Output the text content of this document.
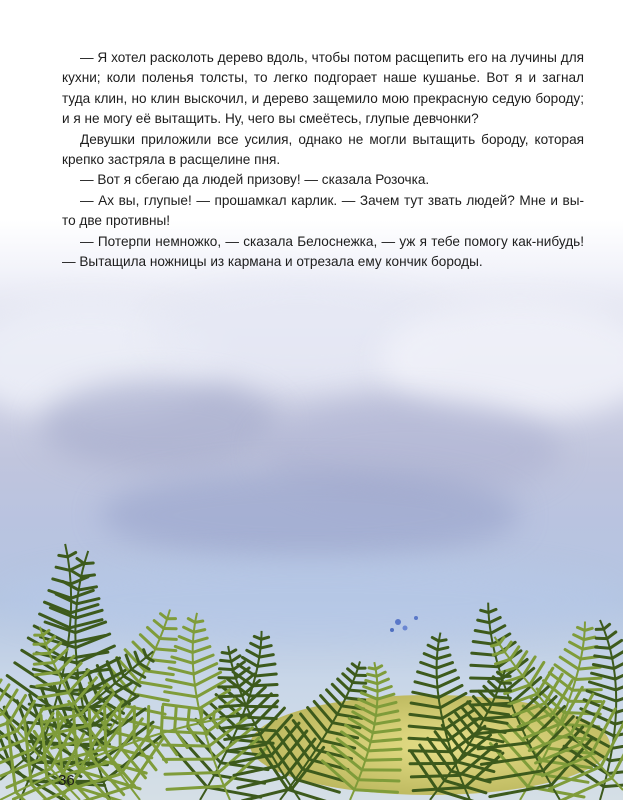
— Я хотел расколоть дерево вдоль, чтобы потом расщепить его на лучины для кухни; коли поленья толсты, то легко подгорает наше кушанье. Вот я и загнал туда клин, но клин выскочил, и дерево защемило мою прекрасную седую бороду; и я не могу её вытащить. Ну, чего вы смеётесь, глупые девчонки?

Девушки приложили все усилия, однако не могли вытащить бороду, которая крепко застряла в расщелине пня.

— Вот я сбегаю да людей призову! — сказала Розочка.

— Ах вы, глупые! — прошамкал карлик. — Зачем тут звать людей? Мне и вы-то две противны!

— Потерпи немножко, — сказала Белоснежка, — уж я тебе помогу как-нибудь! — Вытащила ножницы из кармана и отрезала ему кончик бороды.

36
